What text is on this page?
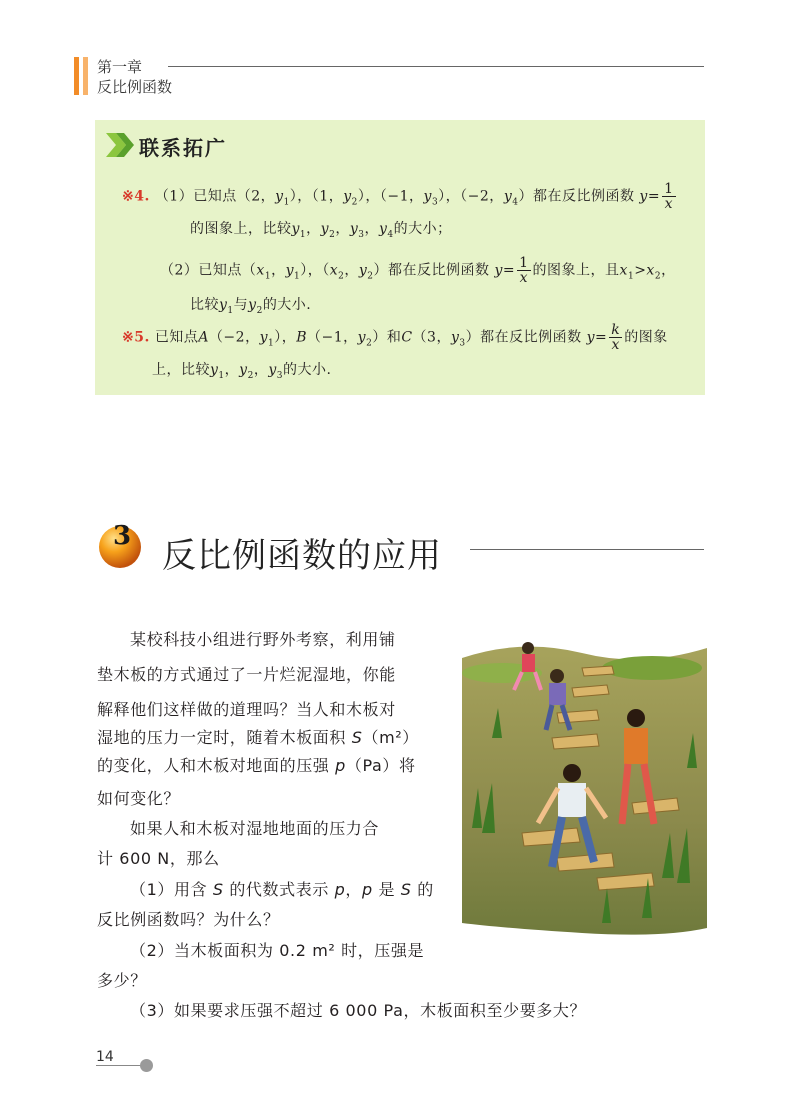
第一章
反比例函数
联系拓广
※4. （1）已知点（2，$y_1$），（1，$y_2$），（−1，$y_3$），（−2，$y_4$）都在反比例函数 $y= \frac{1}{x}$
的图象上，比较$y_1$，$y_2$，$y_3$，$y_4$的大小；
（2）已知点（$x_1$，$y_1$），（$x_2$，$y_2$）都在反比例函数 $y= \frac{1}{x}$ 的图象上，且$x_1>x_2$，
比较$y_1$与$y_2$的大小.
※5. 已知点A（−2，$y_1$），B（−1，$y_2$）和C（3，$y_3$）都在反比例函数 $y= \frac{k}{x}$ 的图象
上，比较$y_1$，$y_2$，$y_3$的大小.
3 反比例函数的应用
某校科技小组进行野外考察，利用铺
垫木板的方式通过了一片烂泥湿地，你能
解释他们这样做的道理吗？当人和木板对
湿地的压力一定时，随着木板面积 S（m²）
的变化，人和木板对地面的压强 p（Pa）将
如何变化？
如果人和木板对湿地地面的压力合
计 600 N，那么
（1）用含 S 的代数式表示 p，p 是 S 的
反比例函数吗？为什么？
（2）当木板面积为 0.2 m² 时，压强是
多少？
（3）如果要求压强不超过 6 000 Pa，木板面积至少要多大？
14
